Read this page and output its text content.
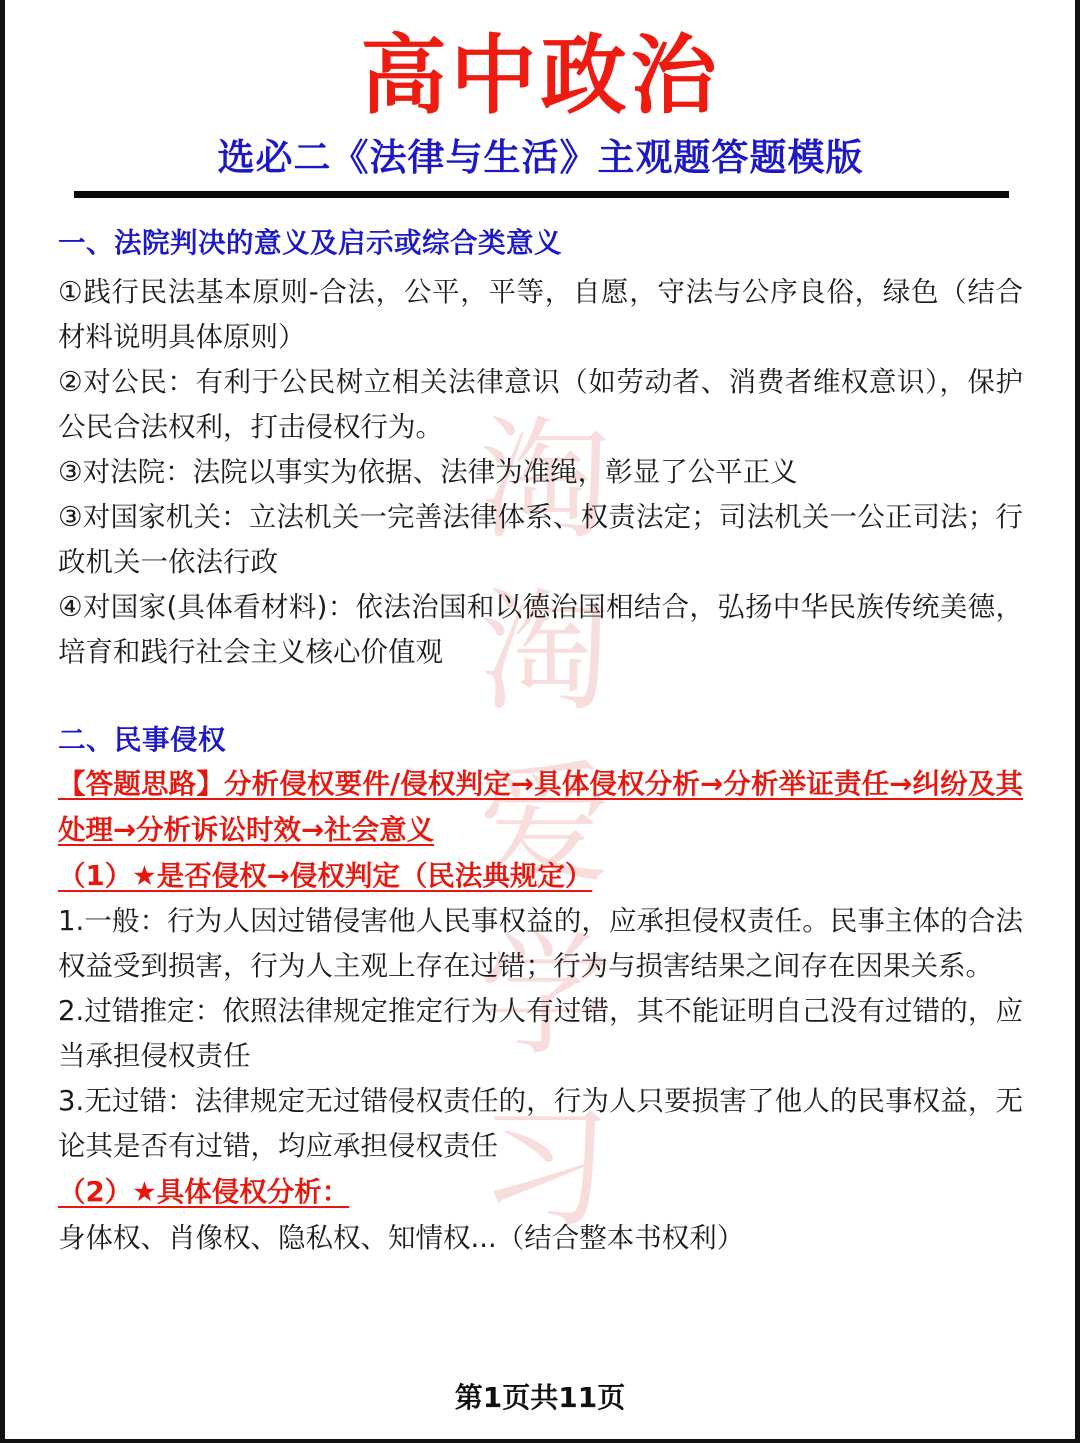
淘
淘
爱
学
习
高中政治
选必二《法律与生活》主观题答题模版
一、法院判决的意义及启示或综合类意义

①践行民法基本原则-合法，公平，平等，自愿，守法与公序良俗，绿色（结合材料说明具体原则）

②对公民：有利于公民树立相关法律意识（如劳动者、消费者维权意识），保护公民合法权利，打击侵权行为。

③对法院：法院以事实为依据、法律为准绳，彰显了公平正义

③对国家机关：立法机关一完善法律体系、权责法定；司法机关一公正司法；行政机关一依法行政

④对国家(具体看材料)：依法治国和以德治国相结合，弘扬中华民族传统美德，培育和践行社会主义核心价值观

二、民事侵权

【答题思路】分析侵权要件/侵权判定→具体侵权分析→分析举证责任→纠纷及其处理→分析诉讼时效→社会意义

（1）★是否侵权→侵权判定（民法典规定）

1.一般：行为人因过错侵害他人民事权益的，应承担侵权责任。民事主体的合法权益受到损害，行为人主观上存在过错；行为与损害结果之间存在因果关系。

2.过错推定：依照法律规定推定行为人有过错，其不能证明自己没有过错的，应当承担侵权责任

3.无过错：法律规定无过错侵权责任的，行为人只要损害了他人的民事权益，无论其是否有过错，均应承担侵权责任

（2）★具体侵权分析：身体权、肖像权、隐私权、知情权...（结合整本书权利）

第1页共11页
